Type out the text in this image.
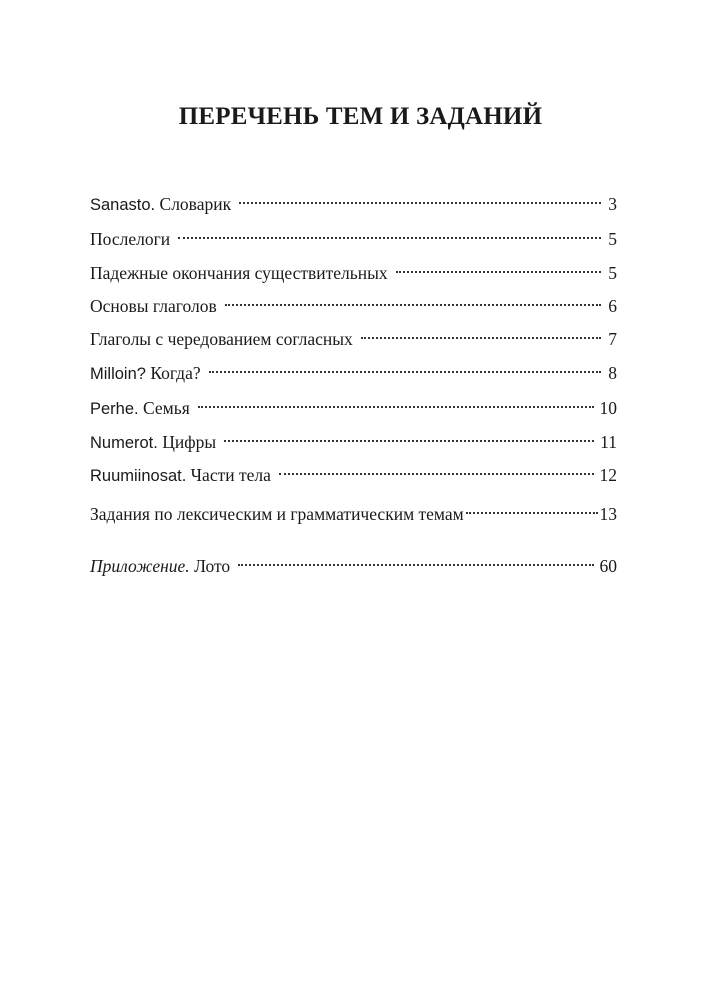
ПЕРЕЧЕНЬ ТЕМ И ЗАДАНИЙ
Sanasto. Словарик	3
Послелоги	5
Падежные окончания существительных	5
Основы глаголов	6
Глаголы с чередованием согласных	7
Milloin? Когда?	8
Perhe. Семья	10
Numerot. Цифры	11
Ruumiinosat. Части тела	12
Задания по лексическим и грамматическим темам	13
Приложение. Лото	60
